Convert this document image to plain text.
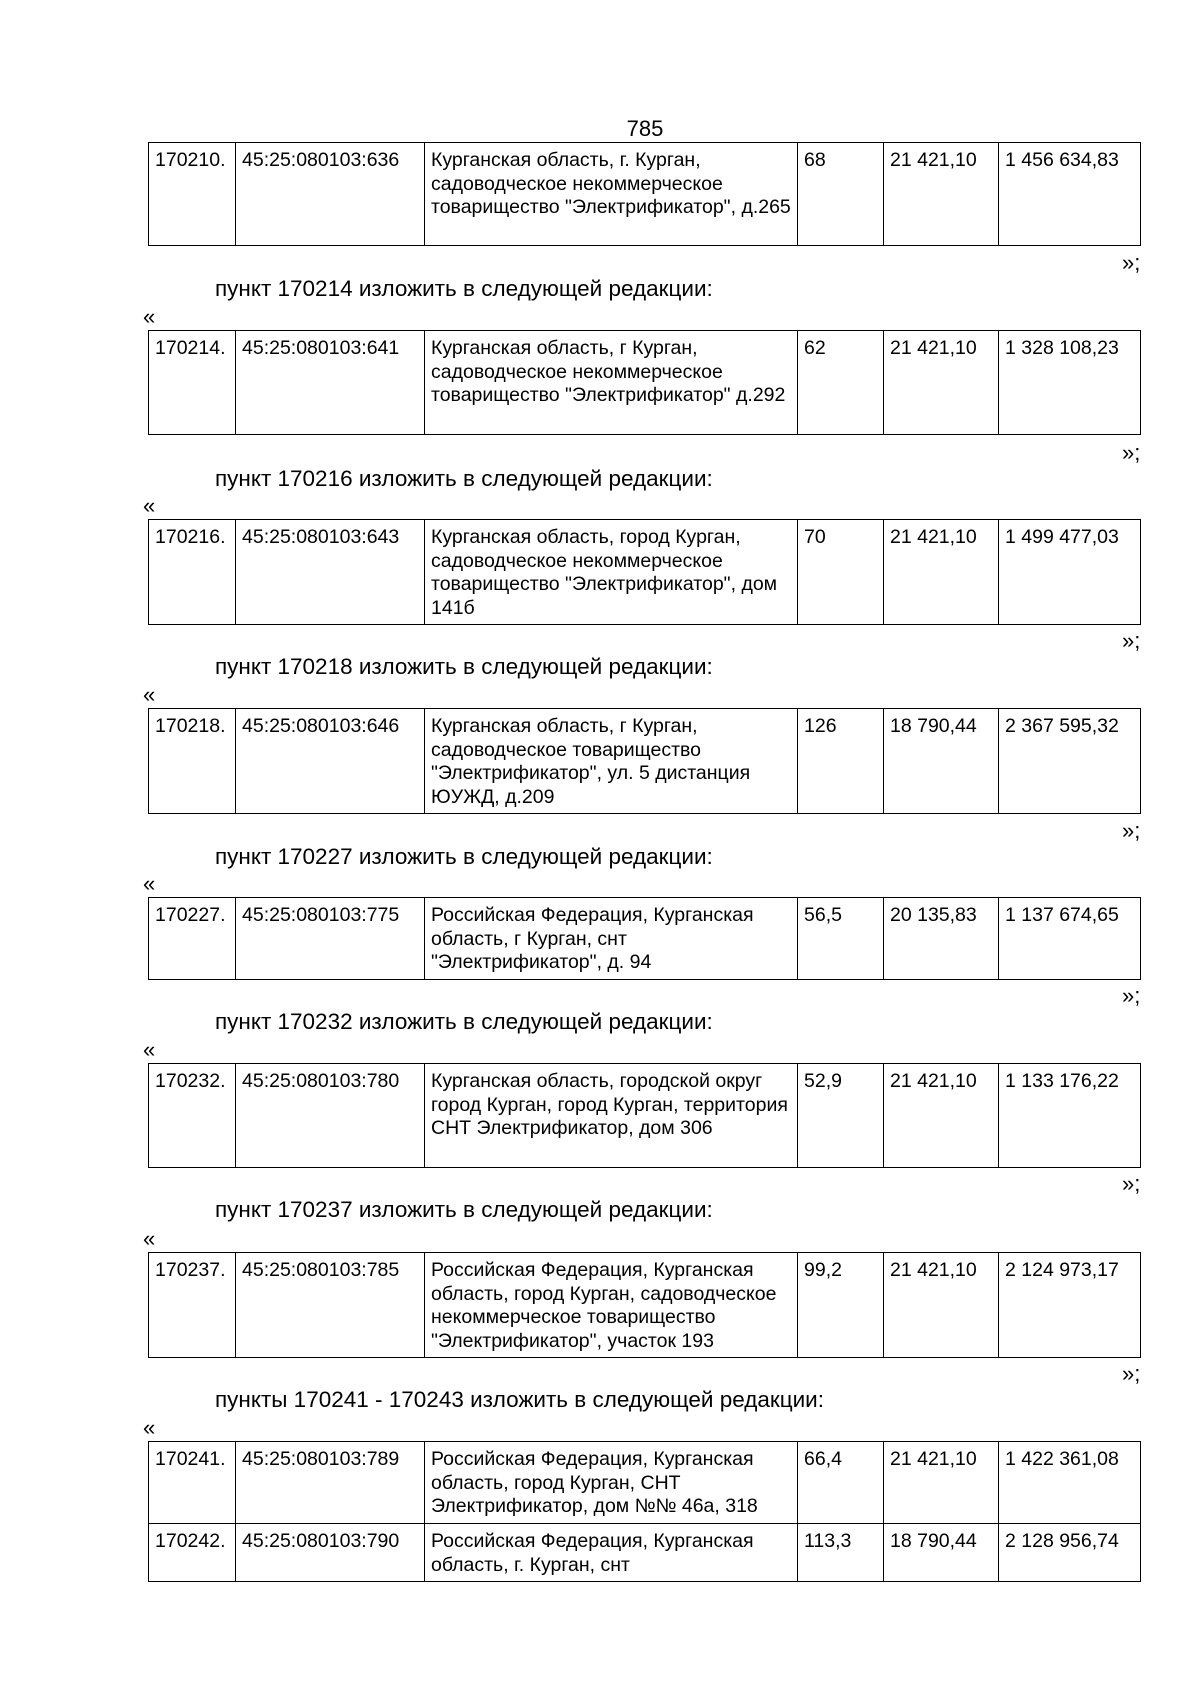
785
170210.	45:25:080103:636	Курганская область, г. Курган, садоводческое некоммерческое товарищество "Электрификатор", д.265	68	21 421,10	1 456 634,83
»;
пункт 170214 изложить в следующей редакции:
«
170214.	45:25:080103:641	Курганская область, г Курган, садоводческое некоммерческое товарищество "Электрификатор" д.292	62	21 421,10	1 328 108,23
»;
пункт 170216 изложить в следующей редакции:
«
170216.	45:25:080103:643	Курганская область, город Курган, садоводческое некоммерческое товарищество "Электрификатор", дом 141б	70	21 421,10	1 499 477,03
»;
пункт 170218 изложить в следующей редакции:
«
170218.	45:25:080103:646	Курганская область, г Курган, садоводческое товарищество "Электрификатор", ул. 5 дистанция ЮУЖД, д.209	126	18 790,44	2 367 595,32
»;
пункт 170227 изложить в следующей редакции:
«
170227.	45:25:080103:775	Российская Федерация, Курганская область, г Курган, снт "Электрификатор", д. 94	56,5	20 135,83	1 137 674,65
»;
пункт 170232 изложить в следующей редакции:
«
170232.	45:25:080103:780	Курганская область, городской округ город Курган, город Курган, территория СНТ Электрификатор, дом 306	52,9	21 421,10	1 133 176,22
»;
пункт 170237 изложить в следующей редакции:
«
170237.	45:25:080103:785	Российская Федерация, Курганская область, город Курган, садоводческое некоммерческое товарищество "Электрификатор", участок 193	99,2	21 421,10	2 124 973,17
»;
пункты 170241 - 170243 изложить в следующей редакции:
«
170241.	45:25:080103:789	Российская Федерация, Курганская область, город Курган, СНТ Электрификатор, дом №№ 46а, 318	66,4	21 421,10	1 422 361,08
170242.	45:25:080103:790	Российская Федерация, Курганская область, г. Курган, снт	113,3	18 790,44	2 128 956,74
